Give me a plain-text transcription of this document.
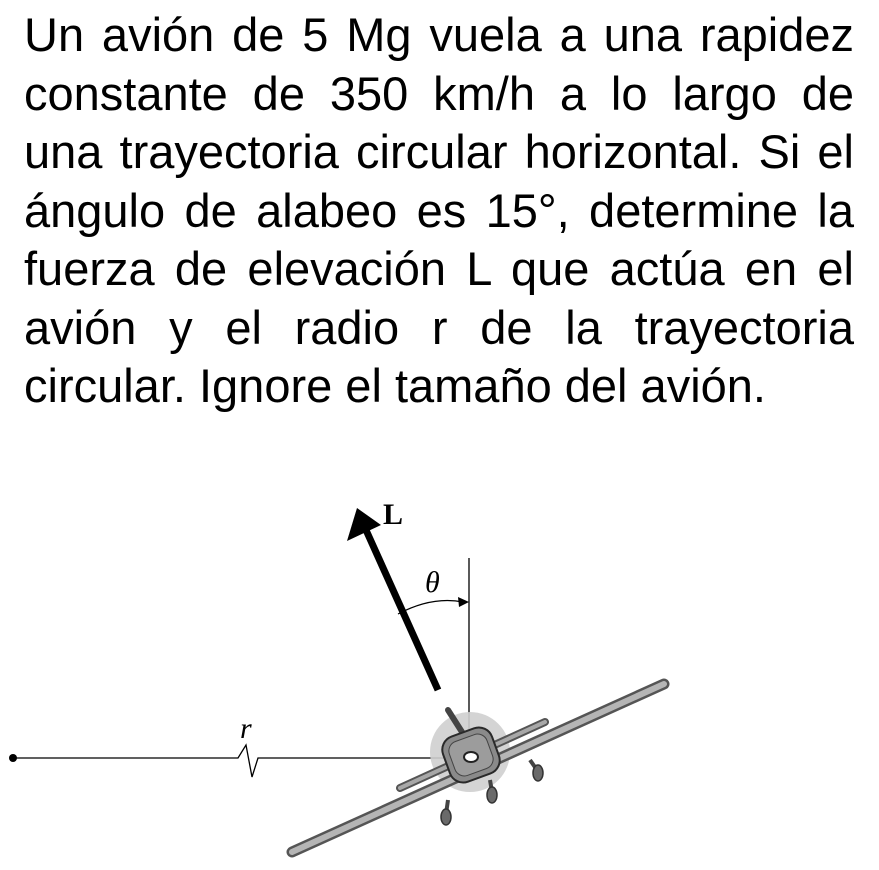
Un avión de 5 Mg vuela a una rapidez constante de 350 km/h a lo largo de una trayectoria circular horizontal. Si el ángulo de alabeo es 15°, determine la fuerza de elevación L que actúa en el avión y el radio r de la trayectoria circular. Ignore el tamaño del avión.

r
θ
L
